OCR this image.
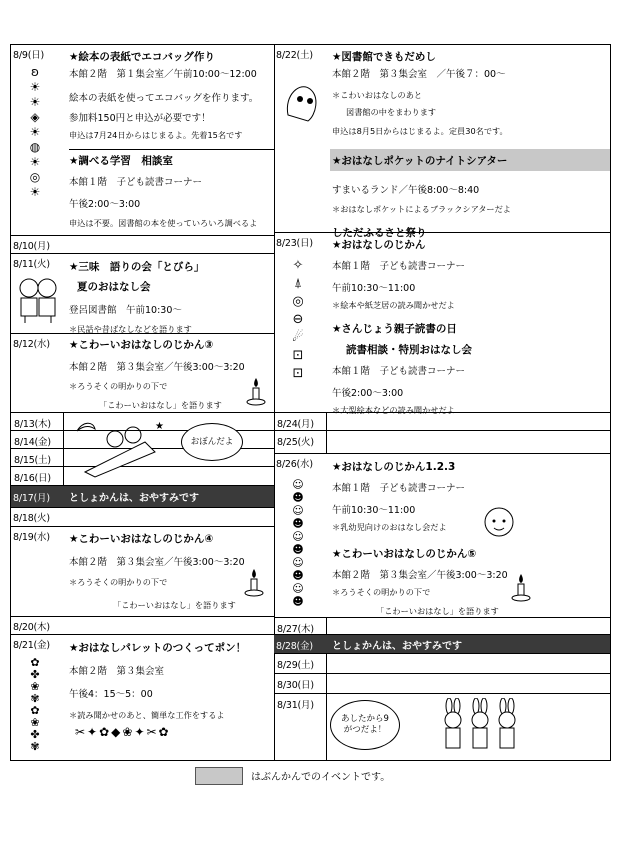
8/9(日)
ʚ
☀
☀
◈
☀
◍
☀
◎
☀
★絵本の表紙でエコバッグ作り
本館２階　第１集会室／午前10:00～12:00
絵本の表紙を使ってエコバッグを作ります。
参加料150円と申込が必要です！
申込は7月24日からはじまるよ。先着15名です
★調べる学習　相談室
本館１階　子ども読書コーナー
午後2:00～3:00
申込は不要。図書館の本を使っていろいろ調べるよ
8/10(月)
8/11(火) ★三味　語りの会「とびら」
夏のおはなし会
登呂図書館　午前10:30～
＊民話や昔ばなしなどを語ります
8/12(水) ★こわーいおはなしのじかん③
本館２階　第３集会室／午後3:00～3:20
＊ろうそくの明かりの下で
「こわーいおはなし」を語ります
8/13(木)
8/14(金)
8/15(土)
8/16(日)
★
おぼんだよ
8/17(月) としょかんは、おやすみです
8/18(火)
8/19(水) ★こわーいおはなしのじかん④
本館２階　第３集会室／午後3:00～3:20
＊ろうそくの明かりの下で
「こわーいおはなし」を語ります
8/20(木)
8/21(金)
✿
✤
❀
✾
✿
❀
✤
✾
★おはなしパレットのつくってポン！
本館２階　第３集会室
午後4：15～5：00
＊読み聞かせのあと、簡単な工作をするよ
✂✦✿◆❀✦✂✿
8/22(土) ★図書館できもだめし
本館２階　第３集会室　／午後７：00～
＊こわいおはなしのあと
図書館の中をまわります
申込は8月5日からはじまるよ。定員30名です。
★おはなしポケットのナイトシアター
すまいるランド／午後8:00～8:40
＊おはなしポケットによるブラックシアターだよ
しただふるさと祭り
8/23(日)
✧
⍋
◎
⊖
☄
⊡
⊡
★おはなしのじかん
本館１階　子ども読書コーナー
午前10:30～11:00
＊絵本や紙芝居の読み聞かせだよ
★さんじょう親子読書の日
読書相談・特別おはなし会
本館１階　子ども読書コーナー
午後2:00～3:00
＊大型絵本などの読み聞かせだよ
8/24(月)
8/25(火)
8/26(水)
☺
☻
☺
☻
☺
☻
☺
☻
☺
☻
★おはなしのじかん1.2.3
本館１階　子ども読書コーナー
午前10:30～11:00
＊乳幼児向けのおはなし会だよ
★こわーいおはなしのじかん⑤
本館２階　第３集会室／午後3:00～3:20
＊ろうそくの明かりの下で
「こわーいおはなし」を語ります
8/27(木)
8/28(金) としょかんは、おやすみです
8/29(土)
8/30(日)
8/31(月)
あしたから9がつだよ！
はぶんかんでのイベントです。
